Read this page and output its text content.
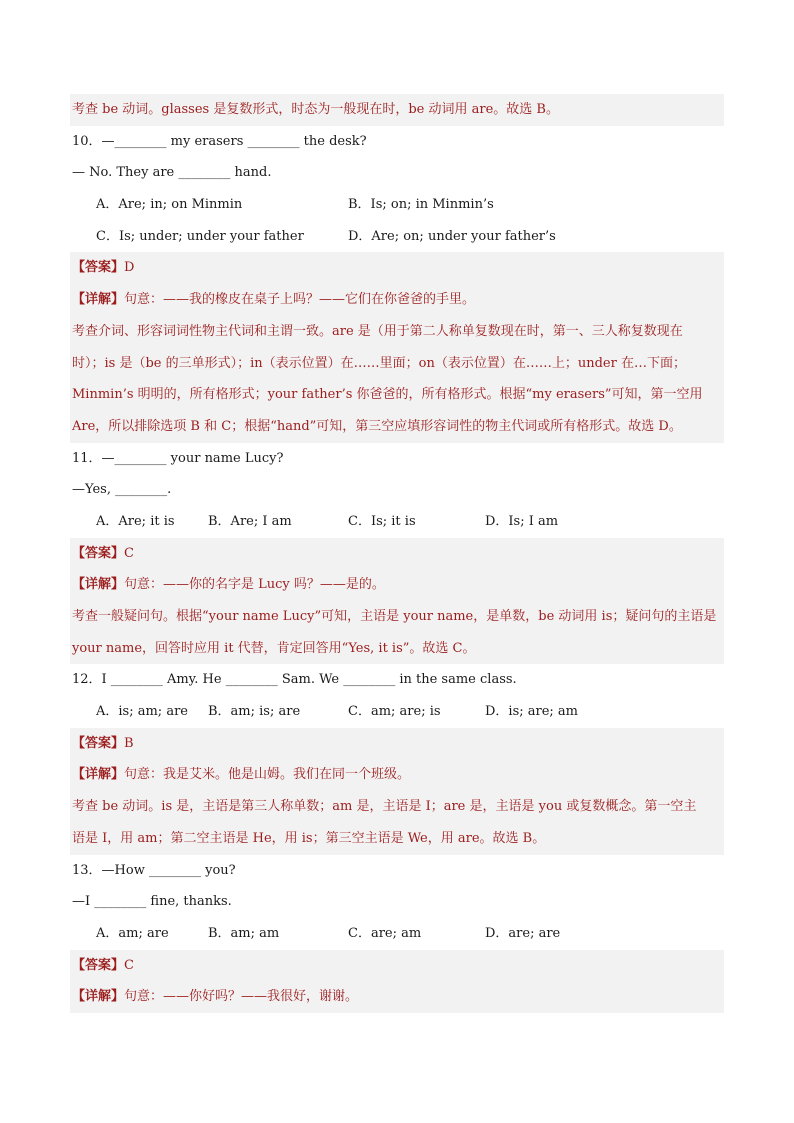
考查 be 动词。glasses 是复数形式，时态为一般现在时，be 动词用 are。故选 B。
10．—________ my erasers ________ the desk?
— No. They are ________ hand.
A．Are; in; on Minmin	B．Is; on; in Minmin’s
C．Is; under; under your father	D．Are; on; under your father’s
【答案】D
【详解】句意：——我的橡皮在桌子上吗？——它们在你爸爸的手里。
考查介词、形容词词性物主代词和主谓一致。are 是（用于第二人称单复数现在时，第一、三人称复数现在
时）；is 是（be 的三单形式）；in（表示位置）在……里面；on（表示位置）在……上；under 在…下面；
Minmin’s 明明的，所有格形式；your father’s 你爸爸的，所有格形式。根据“my erasers”可知，第一空用
Are，所以排除选项 B 和 C；根据“hand”可知，第三空应填形容词性的物主代词或所有格形式。故选 D。
11．—________ your name Lucy?
—Yes, ________.
A．Are; it is	B．Are; I am	C．Is; it is	D．Is; I am
【答案】C
【详解】句意：——你的名字是 Lucy 吗？——是的。
考查一般疑问句。根据“your name Lucy”可知，主语是 your name，是单数，be 动词用 is；疑问句的主语是
your name，回答时应用 it 代替，肯定回答用“Yes, it is”。故选 C。
12．I ________ Amy. He ________ Sam. We ________ in the same class.
A．is; am; are B．am; is; are	C．am; are; is	D．is; are; am
【答案】B
【详解】句意：我是艾米。他是山姆。我们在同一个班级。
考查 be 动词。is 是，主语是第三人称单数；am 是，主语是 I；are 是，主语是 you 或复数概念。第一空主
语是 I，用 am；第二空主语是 He，用 is；第三空主语是 We，用 are。故选 B。
13．—How ________ you?
—I ________ fine, thanks.
A．am; are	B．am; am	C．are; am	D．are; are
【答案】C
【详解】句意：——你好吗？——我很好，谢谢。
